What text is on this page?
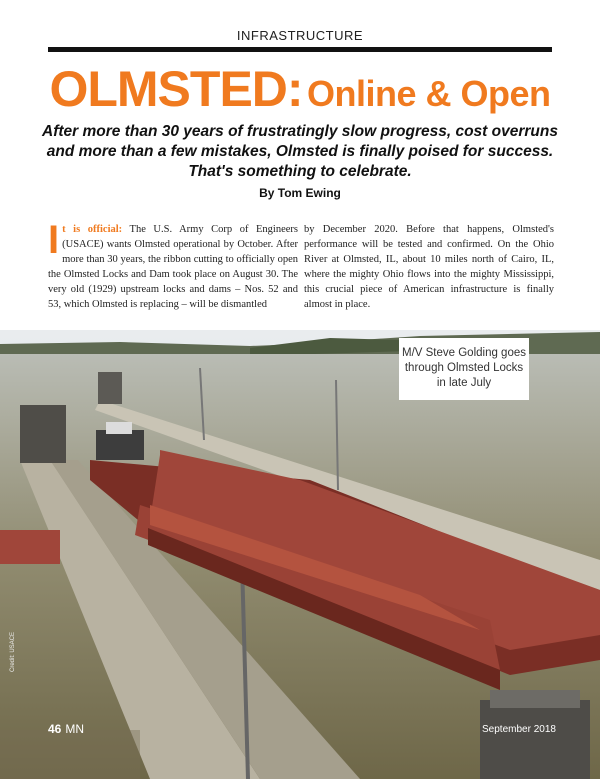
INFRASTRUCTURE
OLMSTED: Online & Open
After more than 30 years of frustratingly slow progress, cost overruns and more than a few mistakes, Olmsted is finally poised for success. That's something to celebrate.
By Tom Ewing
It is official: The U.S. Army Corp of Engineers (USACE) wants Olmsted operational by October. After more than 30 years, the ribbon cutting to officially open the Olmsted Locks and Dam took place on August 30. The very old (1929) upstream locks and dams – Nos. 52 and 53, which Olmsted is replacing – will be dismantled
by December 2020. Before that happens, Olmsted's performance will be tested and confirmed. On the Ohio River at Olmsted, IL, about 10 miles north of Cairo, IL, where the mighty Ohio flows into the mighty Mississippi, this crucial piece of American infrastructure is finally almost in place.
M/V Steve Golding goes through Olmsted Locks in late July
Credit: USACE
46 MN	September 2018
